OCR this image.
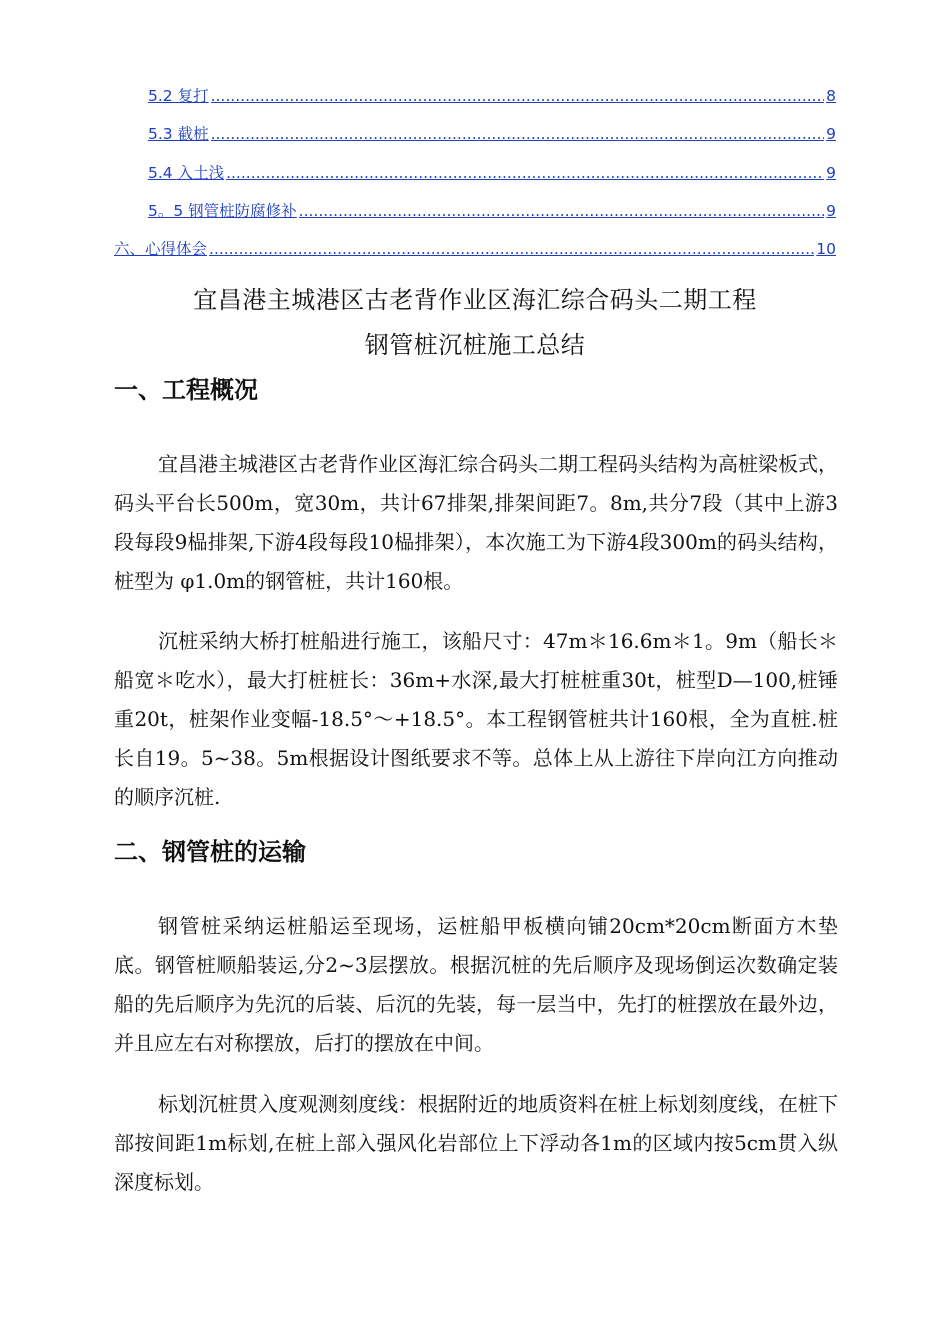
5.2 复打 .....	8
5.3 截桩 .....	9
5.4 入土浅 .....	9
5。5 钢管桩防腐修补 .....	9
六、心得体会 .....	10
宜昌港主城港区古老背作业区海汇综合码头二期工程
钢管桩沉桩施工总结
一、工程概况

宜昌港主城港区古老背作业区海汇综合码头二期工程码头结构为高桩梁板式，码头平台长500m，宽30m，共计67排架,排架间距7。8m,共分7段（其中上游3段每段9榀排架,下游4段每段10榀排架），本次施工为下游4段300m的码头结构，桩型为 φ1.0m的钢管桩，共计160根。

沉桩采纳大桥打桩船进行施工，该船尺寸：47m＊16.6m＊1。9m（船长＊船宽＊吃水），最大打桩桩长：36m+水深,最大打桩桩重30t，桩型D—100,桩锤重20t，桩架作业变幅-18.5°～+18.5°。本工程钢管桩共计160根，全为直桩.桩长自19。5~38。5m根据设计图纸要求不等。总体上从上游往下岸向江方向推动的顺序沉桩.

二、钢管桩的运输

钢管桩采纳运桩船运至现场，运桩船甲板横向铺20cm*20cm断面方木垫底。钢管桩顺船装运,分2~3层摆放。根据沉桩的先后顺序及现场倒运次数确定装船的先后顺序为先沉的后装、后沉的先装，每一层当中，先打的桩摆放在最外边，并且应左右对称摆放，后打的摆放在中间。

标划沉桩贯入度观测刻度线：根据附近的地质资料在桩上标划刻度线，在桩下部按间距1m标划,在桩上部入强风化岩部位上下浮动各1m的区域内按5cm贯入纵深度标划。
